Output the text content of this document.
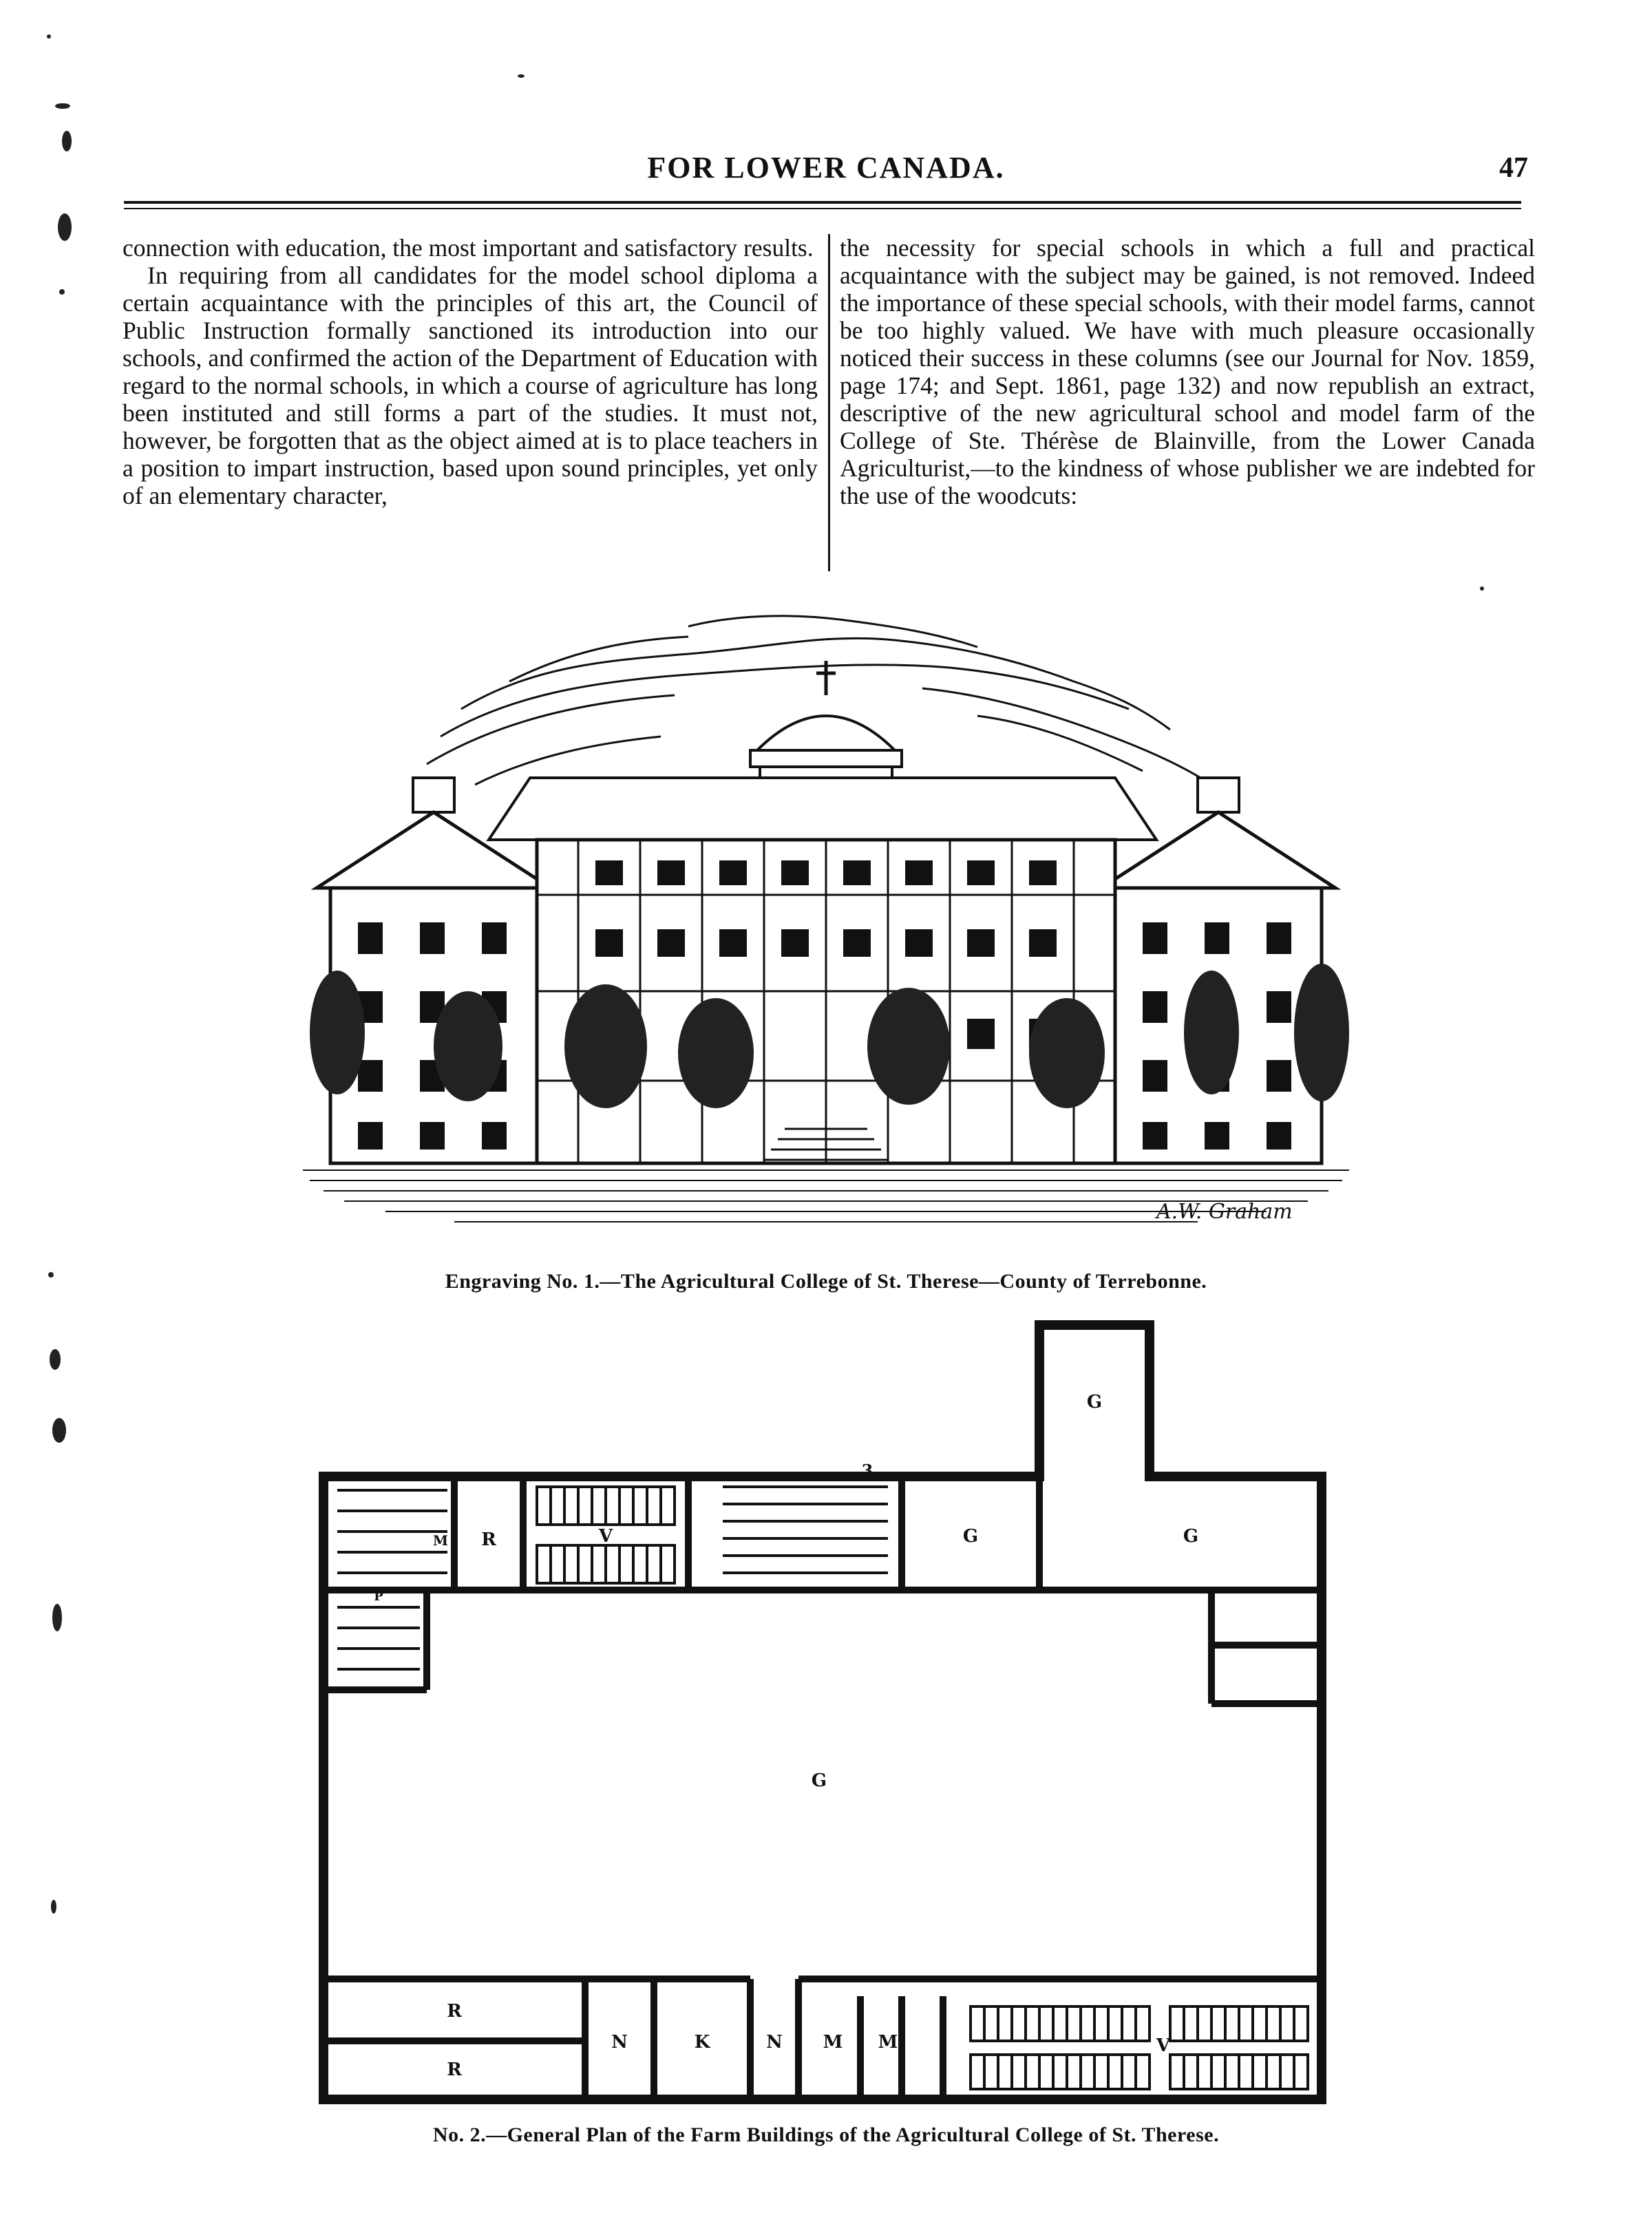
FOR LOWER CANADA.	47

connection with education, the most important and satisfactory results.

In requiring from all candidates for the model school diploma a certain acquaintance with the principles of this art, the Council of Public Instruction formally sanctioned its introduction into our schools, and confirmed the action of the Department of Education with regard to the normal schools, in which a course of agriculture has long been instituted and still forms a part of the studies. It must not, however, be forgotten that as the object aimed at is to place teachers in a position to impart instruction, based upon sound principles, yet only of an elementary character,

the necessity for special schools in which a full and practical acquaintance with the subject may be gained, is not removed. Indeed the importance of these special schools, with their model farms, cannot be too highly valued. We have with much pleasure occasionally noticed their success in these columns (see our Journal for Nov. 1859, page 174; and Sept. 1861, page 132) and now republish an extract, descriptive of the new agricultural school and model farm of the College of Ste. Thérèse de Blainville, from the Lower Canada Agriculturist,—to the kindness of whose publisher we are indebted for the use of the woodcuts:

A.W. Graham
Engraving No. 1.—The Agricultural College of St. Therese—County of Terrebonne.
G
G	G
G
M R	V
P
3
R
R
N	K	N M M	V
No. 2.—General Plan of the Farm Buildings of the Agricultural College of St. Therese.
